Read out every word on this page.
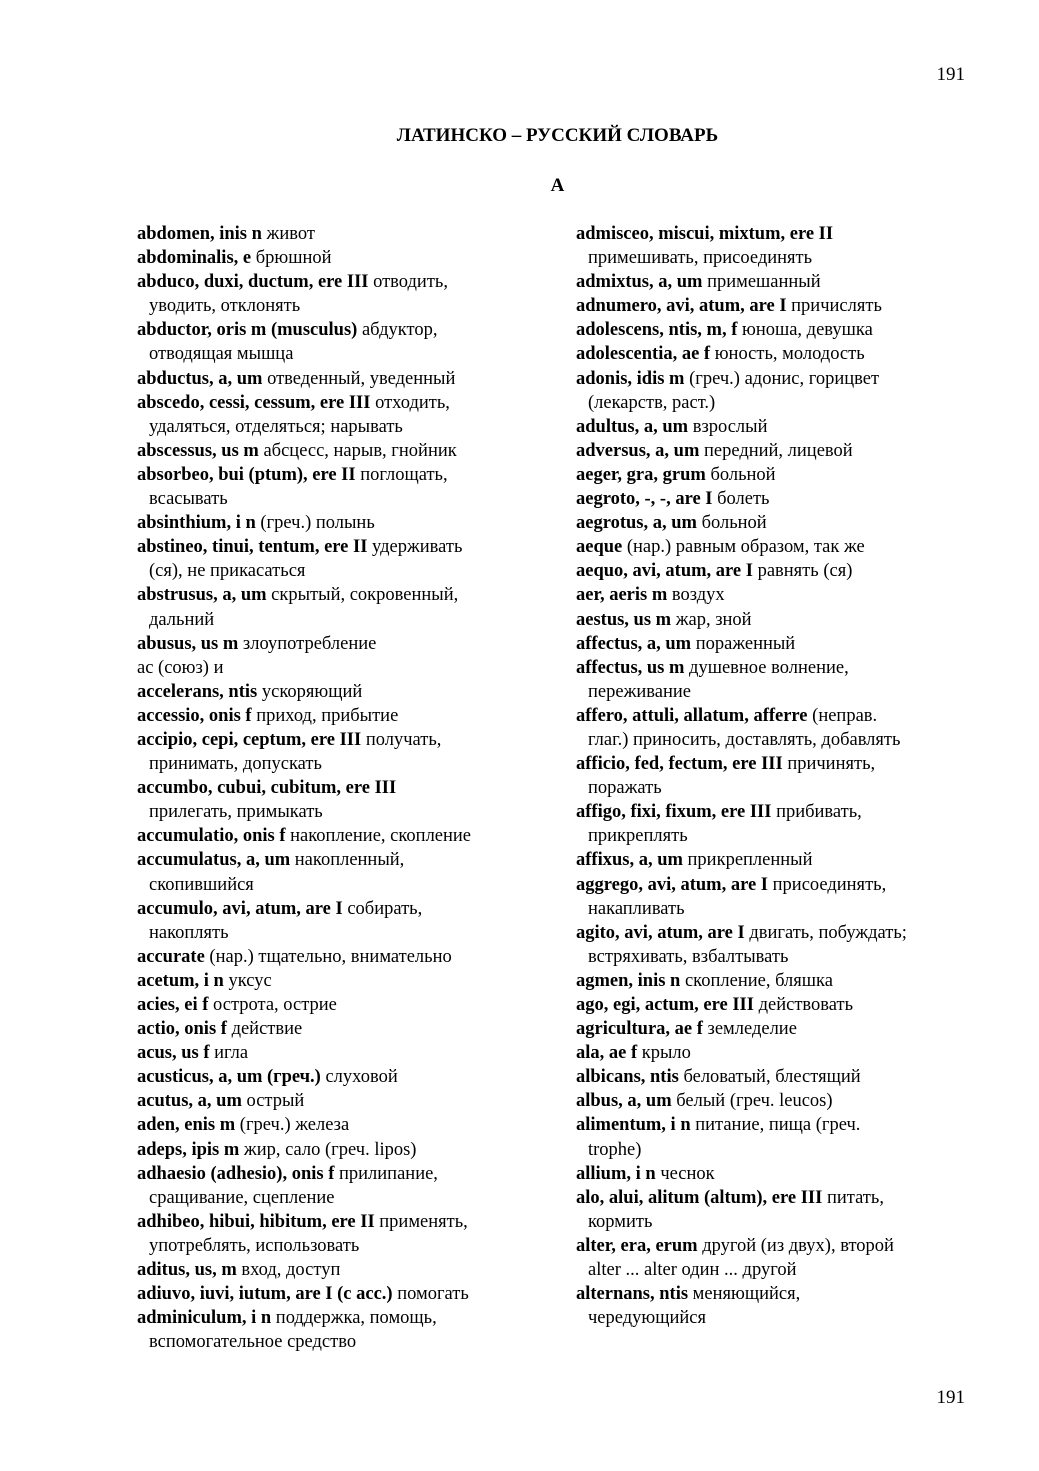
191
ЛАТИНСКО – РУССКИЙ СЛОВАРЬ
А
abdomen, inis n живот
abdominalis, e брюшной
abduco, duxi, ductum, ere III отводить,
уводить, отклонять
abductor, oris m (musculus) абдуктор,
отводящая мышца
abductus, a, um отведенный, уведенный
abscedo, cessi, cessum, ere III отходить,
удаляться, отделяться; нарывать
abscessus, us m абсцесс, нарыв, гнойник
absorbeo, bui (ptum), ere II поглощать,
всасывать
absinthium, i n (греч.) полынь
abstineo, tinui, tentum, ere II удерживать
(ся), не прикасаться
abstrusus, a, um скрытый, сокровенный,
дальний
abusus, us m злоупотребление
ас (союз) и
accelerans, ntis ускоряющий
accessio, onis f приход, прибытие
accipio, cepi, ceptum, ere III получать,
принимать, допускать
accumbo, cubui, cubitum, ere III
прилегать, примыкать
accumulatio, onis f накопление, скопление
accumulatus, a, um накопленный,
скопившийся
accumulo, avi, atum, are I собирать,
накоплять
accurate (нар.) тщательно, внимательно
acetum, i n уксус
acies, ei f острота, острие
actio, onis f действие
acus, us f игла
acusticus, a, um (греч.) слуховой
acutus, a, um острый
aden, enis m (греч.) железа
adeps, ipis m жир, сало (греч. lipos)
adhaesio (adhesio), onis f прилипание,
сращивание, сцепление
adhibeo, hibui, hibitum, ere II применять,
употреблять, использовать
aditus, us, m вход, доступ
adiuvo, iuvi, iutum, are I (с acc.) помогать
adminiculum, i n поддержка, помощь,
вспомогательное средство
admisceo, miscui, mixtum, ere II
примешивать, присоединять
admixtus, a, um примешанный
adnumero, avi, atum, are I причислять
adolescens, ntis, m, f юноша, девушка
adolescentia, ae f юность, молодость
adonis, idis m (греч.) адонис, горицвет
(лекарств, раст.)
adultus, a, um взрослый
adversus, a, um передний, лицевой
aeger, gra, grum больной
aegroto, -, -, are I болеть
aegrotus, a, um больной
aeque (нар.) равным образом, так же
aequo, avi, atum, are I равнять (ся)
aer, aeris m воздух
aestus, us m жар, зной
affectus, a, um пораженный
affectus, us m душевное волнение,
переживание
affero, attuli, allatum, afferre (неправ.
глаг.) приносить, доставлять, добавлять
afficio, fed, fectum, ere III причинять,
поражать
affigo, fixi, fixum, ere III прибивать,
прикреплять
affixus, a, um прикрепленный
aggrego, avi, atum, are I присоединять,
накапливать
agito, avi, atum, are I двигать, побуждать;
встряхивать, взбалтывать
agmen, inis n скопление, бляшка
ago, egi, actum, ere III действовать
agricultura, ae f земледелие
ala, ae f крыло
albicans, ntis беловатый, блестящий
albus, a, um белый (греч. leucos)
alimentum, i n питание, пища (греч.
trophe)
allium, i n чеснок
alo, alui, alitum (altum), ere III питать,
кормить
alter, era, erum другой (из двух), второй
alter ... alter один ... другой
alternans, ntis меняющийся,
чередующийся
191
